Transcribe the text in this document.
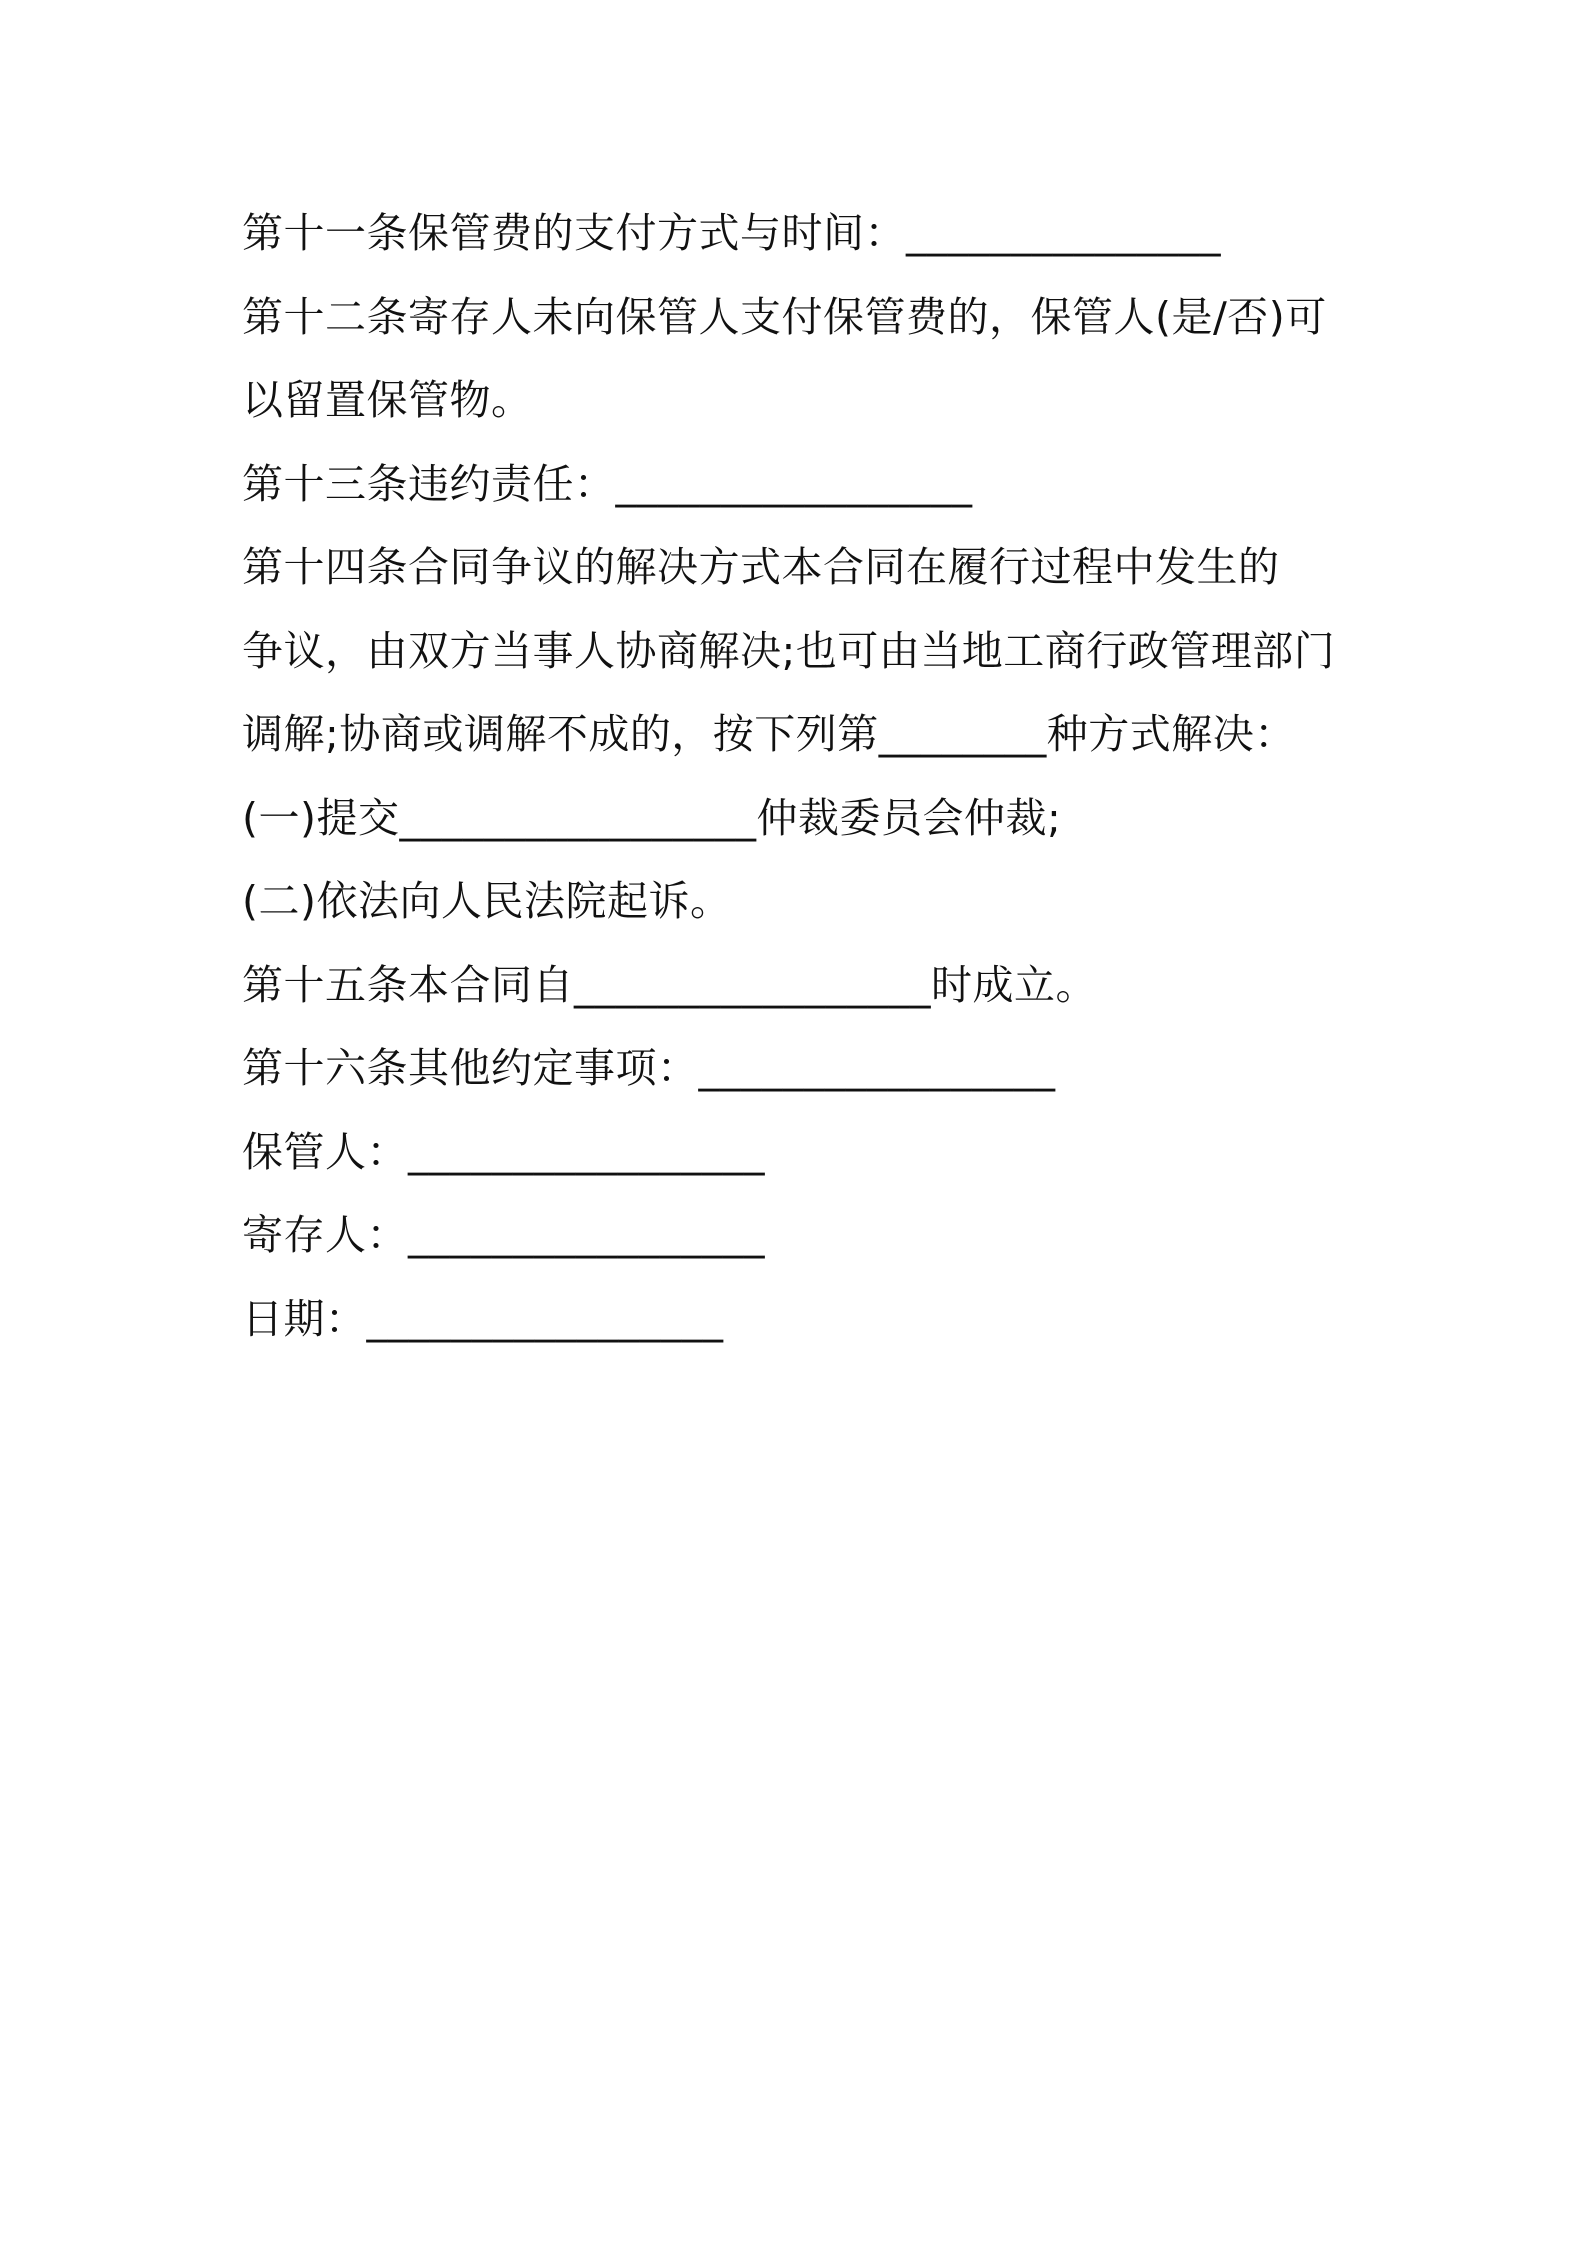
第十一条保管费的支付方式与时间：_______________
第十二条寄存人未向保管人支付保管费的，保管人(是/否)可
以留置保管物。
第十三条违约责任：_________________
第十四条合同争议的解决方式本合同在履行过程中发生的
争议，由双方当事人协商解决;也可由当地工商行政管理部门
调解;协商或调解不成的，按下列第________种方式解决：
(一)提交_________________仲裁委员会仲裁;
(二)依法向人民法院起诉。
第十五条本合同自_________________时成立。
第十六条其他约定事项：_________________
保管人：_________________
寄存人：_________________
日期：_________________
